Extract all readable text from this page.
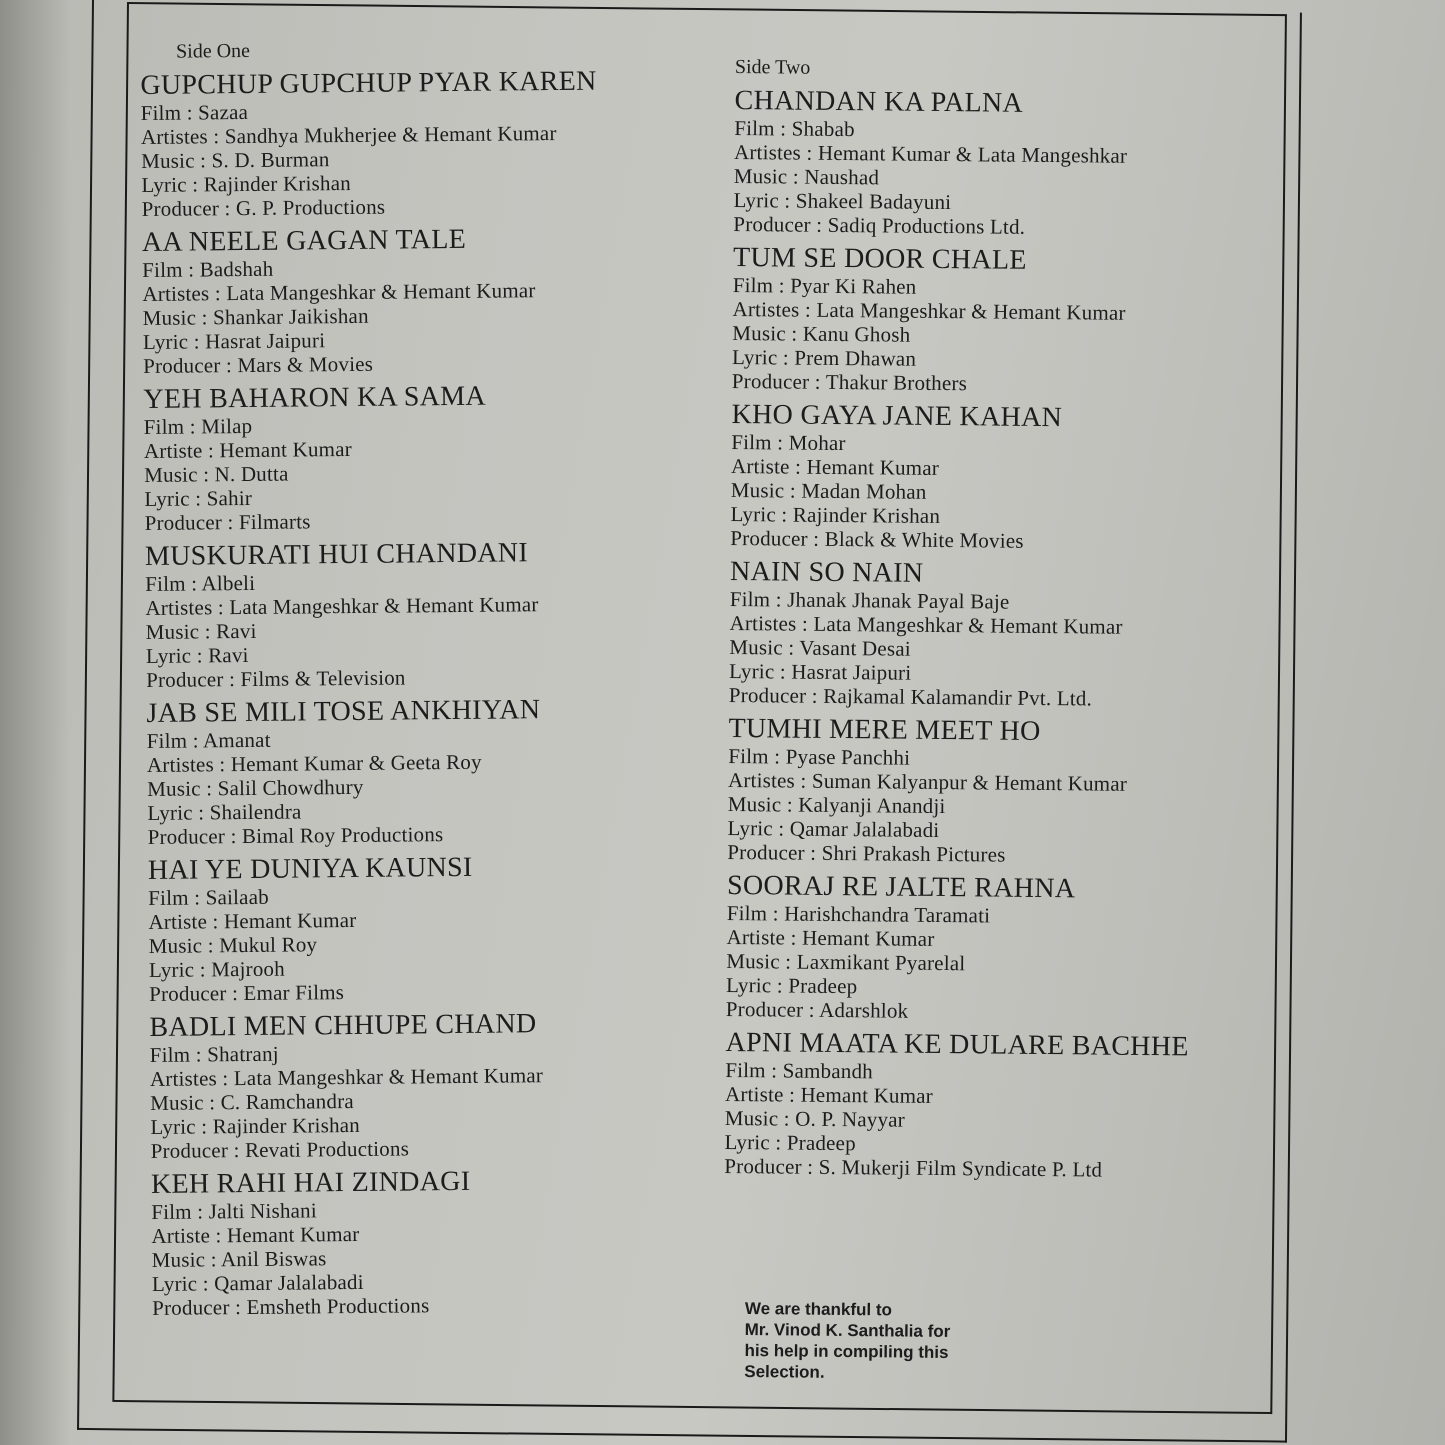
Side One
GUPCHUP GUPCHUP PYAR KAREN
Film : Sazaa
Artistes : Sandhya Mukherjee & Hemant Kumar
Music : S. D. Burman
Lyric : Rajinder Krishan
Producer : G. P. Productions
AA NEELE GAGAN TALE
Film : Badshah
Artistes : Lata Mangeshkar & Hemant Kumar
Music : Shankar Jaikishan
Lyric : Hasrat Jaipuri
Producer : Mars & Movies
YEH BAHARON KA SAMA
Film : Milap
Artiste : Hemant Kumar
Music : N. Dutta
Lyric : Sahir
Producer : Filmarts
MUSKURATI HUI CHANDANI
Film : Albeli
Artistes : Lata Mangeshkar & Hemant Kumar
Music : Ravi
Lyric : Ravi
Producer : Films & Television
JAB SE MILI TOSE ANKHIYAN
Film : Amanat
Artistes : Hemant Kumar & Geeta Roy
Music : Salil Chowdhury
Lyric : Shailendra
Producer : Bimal Roy Productions
HAI YE DUNIYA KAUNSI
Film : Sailaab
Artiste : Hemant Kumar
Music : Mukul Roy
Lyric : Majrooh
Producer : Emar Films
BADLI MEN CHHUPE CHAND
Film : Shatranj
Artistes : Lata Mangeshkar & Hemant Kumar
Music : C. Ramchandra
Lyric : Rajinder Krishan
Producer : Revati Productions
KEH RAHI HAI ZINDAGI
Film : Jalti Nishani
Artiste : Hemant Kumar
Music : Anil Biswas
Lyric : Qamar Jalalabadi
Producer : Emsheth Productions
Side Two
CHANDAN KA PALNA
Film : Shabab
Artistes : Hemant Kumar & Lata Mangeshkar
Music : Naushad
Lyric : Shakeel Badayuni
Producer : Sadiq Productions Ltd.
TUM SE DOOR CHALE
Film : Pyar Ki Rahen
Artistes : Lata Mangeshkar & Hemant Kumar
Music : Kanu Ghosh
Lyric : Prem Dhawan
Producer : Thakur Brothers
KHO GAYA JANE KAHAN
Film : Mohar
Artiste : Hemant Kumar
Music : Madan Mohan
Lyric : Rajinder Krishan
Producer : Black & White Movies
NAIN SO NAIN
Film : Jhanak Jhanak Payal Baje
Artistes : Lata Mangeshkar & Hemant Kumar
Music : Vasant Desai
Lyric : Hasrat Jaipuri
Producer : Rajkamal Kalamandir Pvt. Ltd.
TUMHI MERE MEET HO
Film : Pyase Panchhi
Artistes : Suman Kalyanpur & Hemant Kumar
Music : Kalyanji Anandji
Lyric : Qamar Jalalabadi
Producer : Shri Prakash Pictures
SOORAJ RE JALTE RAHNA
Film : Harishchandra Taramati
Artiste : Hemant Kumar
Music : Laxmikant Pyarelal
Lyric : Pradeep
Producer : Adarshlok
APNI MAATA KE DULARE BACHHE
Film : Sambandh
Artiste : Hemant Kumar
Music : O. P. Nayyar
Lyric : Pradeep
Producer : S. Mukerji Film Syndicate P. Ltd
We are thankful to
Mr. Vinod K. Santhalia for
his help in compiling this
Selection.
